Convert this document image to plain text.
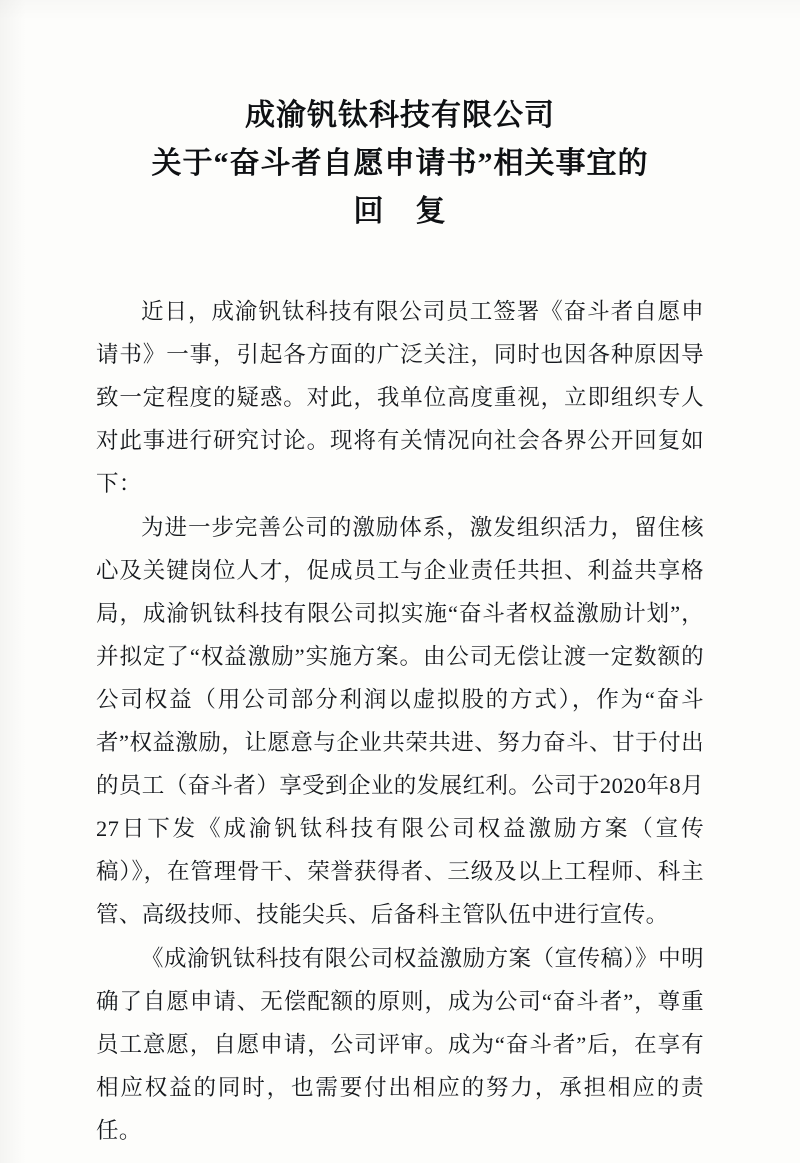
成渝钒钛科技有限公司
关于“奋斗者自愿申请书”相关事宜的
回　复

近日，成渝钒钛科技有限公司员工签署《奋斗者自愿申请书》一事，引起各方面的广泛关注，同时也因各种原因导致一定程度的疑惑。对此，我单位高度重视，立即组织专人对此事进行研究讨论。现将有关情况向社会各界公开回复如下：

为进一步完善公司的激励体系，激发组织活力，留住核心及关键岗位人才，促成员工与企业责任共担、利益共享格局，成渝钒钛科技有限公司拟实施“奋斗者权益激励计划”，并拟定了“权益激励”实施方案。由公司无偿让渡一定数额的公司权益（用公司部分利润以虚拟股的方式），作为“奋斗者”权益激励，让愿意与企业共荣共进、努力奋斗、甘于付出的员工（奋斗者）享受到企业的发展红利。公司于2020年8月27日下发《成渝钒钛科技有限公司权益激励方案（宣传稿）》，在管理骨干、荣誉获得者、三级及以上工程师、科主管、高级技师、技能尖兵、后备科主管队伍中进行宣传。

《成渝钒钛科技有限公司权益激励方案（宣传稿）》中明确了自愿申请、无偿配额的原则，成为公司“奋斗者”，尊重员工意愿，自愿申请，公司评审。成为“奋斗者”后，在享有相应权益的同时，也需要付出相应的努力，承担相应的责任。
